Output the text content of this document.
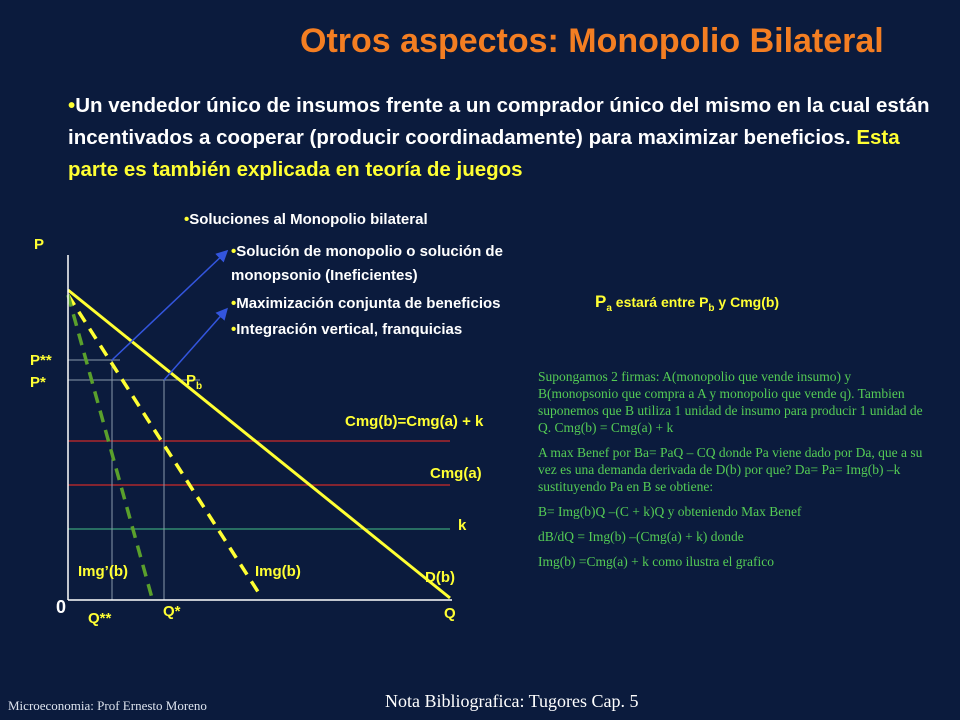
Otros aspectos: Monopolio Bilateral
•Un vendedor único de insumos frente a un comprador único del mismo en la cual están incentivados a cooperar (producir coordinadamente) para maximizar beneficios. Esta parte es también explicada en teoría de juegos
•Soluciones al Monopolio bilateral
•Solución de monopolio o solución de
monopsonio (Ineficientes)
•Maximización conjunta de beneficios
•Integración vertical, franquicias
$P_a$ estará entre $P_b$ y Cmg(b)
P
0	Q
P**
P*	$P_b$
Cmg(b)=Cmg(a) + k
Cmg(a)
k
Img’(b)	Img(b)	D(b)
Q**	Q*

Supongamos 2 firmas: A(monopolio que vende insumo) y B(monopsonio que compra a A y monopolio que vende q). Tambien suponemos que B utiliza 1 unidad de insumo para producir 1 unidad de Q. Cmg(b) = Cmg(a) + k

A max Benef por Ba= PaQ – CQ donde Pa viene dado por Da, que a su vez es una demanda derivada de D(b) por que? Da= Pa= Img(b) –k sustituyendo Pa en B se obtiene:

B= Img(b)Q –(C + k)Q y obteniendo Max Benef

dB/dQ = Img(b) –(Cmg(a) + k) donde

Img(b) =Cmg(a) + k como ilustra el grafico

Microeconomia: Prof Ernesto Moreno	Nota Bibliografica: Tugores Cap. 5
